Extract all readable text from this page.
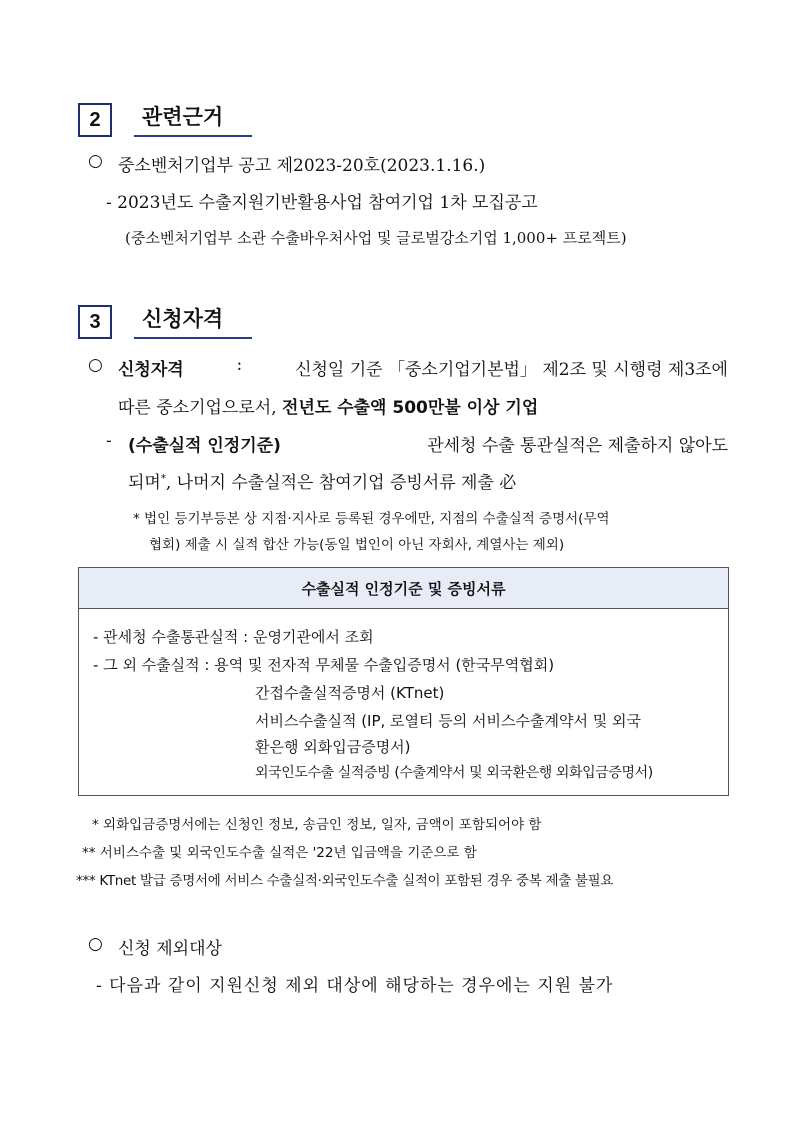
2	관련근거
○ 중소벤처기업부 공고 제2023-20호(2023.1.16.)
- 2023년도 수출지원기반활용사업 참여기업 1차 모집공고
(중소벤처기업부 소관 수출바우처사업 및 글로벌강소기업 1,000+ 프로젝트)
3	신청자격
○ 신청자격	:	신청일 기준 「중소기업기본법」 제2조 및 시행령 제3조에
따른 중소기업으로서, 전년도 수출액 500만불 이상 기업
- (수출실적 인정기준)	관세청 수출 통관실적은 제출하지 않아도
되며*, 나머지 수출실적은 참여기업 증빙서류 제출 必
* 법인 등기부등본 상 지점·지사로 등록된 경우에만, 지점의 수출실적 증명서(무역
협회) 제출 시 실적 합산 가능(동일 법인이 아닌 자회사, 계열사는 제외)
수출실적 인정기준 및 증빙서류
- 관세청 수출통관실적 : 운영기관에서 조회
- 그 외 수출실적 : 용역 및 전자적 무체물 수출입증명서 (한국무역협회)
간접수출실적증명서 (KTnet)
서비스수출실적 (IP, 로열티 등의 서비스수출계약서 및 외국
환은행 외화입금증명서)
외국인도수출 실적증빙 (수출계약서 및 외국환은행 외화입금증명서)
* 외화입금증명서에는 신청인 정보, 송금인 정보, 일자, 금액이 포함되어야 함
** 서비스수출 및 외국인도수출 실적은 '22년 입금액을 기준으로 함
*** KTnet 발급 증명서에 서비스 수출실적·외국인도수출 실적이 포함된 경우 중복 제출 불필요
○ 신청 제외대상
- 다음과 같이 지원신청 제외 대상에 해당하는 경우에는 지원 불가
